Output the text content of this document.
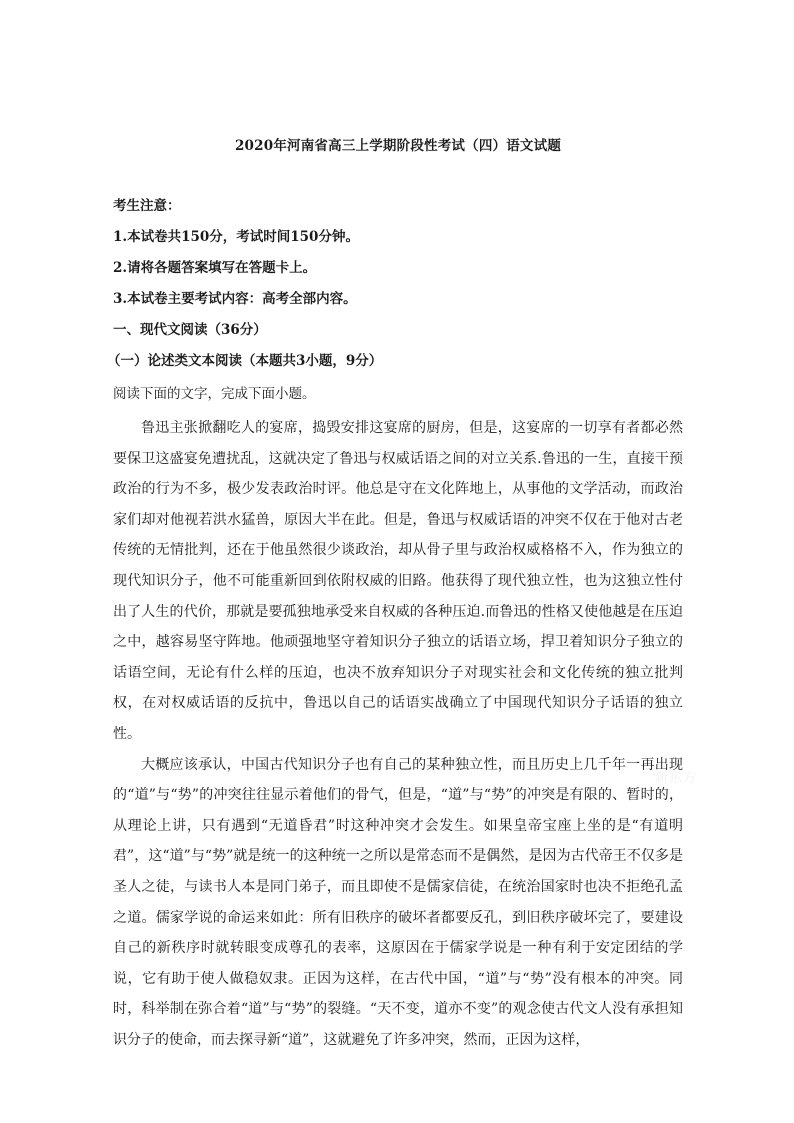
2020年河南省高三上学期阶段性考试（四）语文试题
考生注意：
1.本试卷共150分，考试时间150分钟。
2.请将各题答案填写在答题卡上。
3.本试卷主要考试内容：高考全部内容。
一、现代文阅读（36分）
（一）论述类文本阅读（本题共3小题，9分）
阅读下面的文字，完成下面小题。

鲁迅主张掀翻吃人的宴席，捣毁安排这宴席的厨房，但是，这宴席的一切享有者都必然要保卫这盛宴免遭扰乱，这就决定了鲁迅与权威话语之间的对立关系.鲁迅的一生，直接干预政治的行为不多，极少发表政治时评。他总是守在文化阵地上，从事他的文学活动，而政治家们却对他视若洪水猛兽，原因大半在此。但是，鲁迅与权威话语的冲突不仅在于他对古老传统的无情批判，还在于他虽然很少谈政治，却从骨子里与政治权威格格不入，作为独立的现代知识分子，他不可能重新回到依附权威的旧路。他获得了现代独立性，也为这独立性付出了人生的代价，那就是要孤独地承受来自权威的各种压迫.而鲁迅的性格又使他越是在压迫之中，越容易坚守阵地。他顽强地坚守着知识分子独立的话语立场，捍卫着知识分子独立的话语空间，无论有什么样的压迫，也决不放弃知识分子对现实社会和文化传统的独立批判权，在对权威话语的反抗中，鲁迅以自己的话语实战确立了中国现代知识分子话语的独立性。

大概应该承认，中国古代知识分子也有自己的某种独立性，而且历史上几千年一再出现的“道”与“势”的冲突往往显示着他们的骨气，但是，“道”与“势”的冲突是有限的、暂时的，从理论上讲，只有遇到“无道昏君”时这种冲突才会发生。如果皇帝宝座上坐的是“有道明君”，这“道”与“势”就是统一的这种统一之所以是常态而不是偶然，是因为古代帝王不仅多是圣人之徒，与读书人本是同门弟子，而且即使不是儒家信徒，在统治国家时也决不拒绝孔孟之道。儒家学说的命运来如此：所有旧秩序的破坏者都要反孔，到旧秩序破坏完了，要建设自己的新秩序时就转眼变成尊孔的表率，这原因在于儒家学说是一种有利于安定团结的学说，它有助于使人做稳奴隶。正因为这样，在古代中国，“道”与“势”没有根本的冲突。同时，科举制在弥合着“道”与“势”的裂缝。“天不变，道亦不变”的观念使古代文人没有承担知识分子的使命，而去探寻新“道”，这就避免了许多冲突，然而，正因为这样，

新东方
